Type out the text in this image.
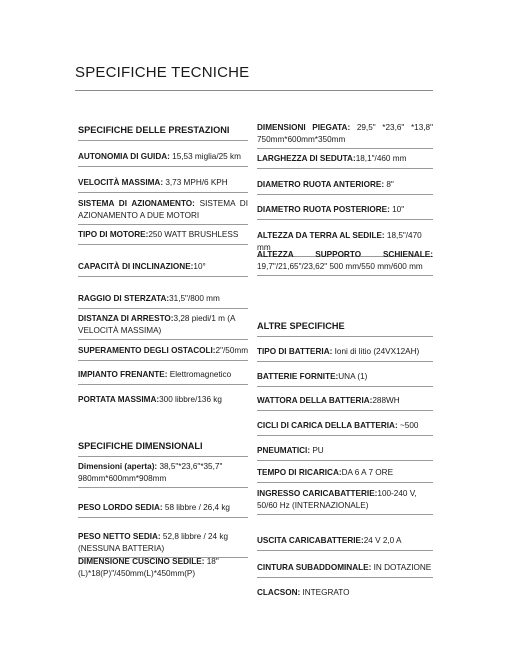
SPECIFICHE TECNICHE
SPECIFICHE DELLE PRESTAZIONI
AUTONOMIA DI GUIDA: 15,53 miglia/25 km
VELOCITÀ MASSIMA: 3,73 MPH/6 KPH
SISTEMA DI AZIONAMENTO: SISTEMA DI AZIONAMENTO A DUE MOTORI
TIPO DI MOTORE:250 WATT BRUSHLESS
CAPACITÀ DI INCLINAZIONE:10°
RAGGIO DI STERZATA:31,5"/800 mm
DISTANZA DI ARRESTO:3,28 piedi/1 m (A VELOCITÀ MASSIMA)
SUPERAMENTO DEGLI OSTACOLI:2"/50mm
IMPIANTO FRENANTE: Elettromagnetico
PORTATA MASSIMA:300 libbre/136 kg
SPECIFICHE DIMENSIONALI
Dimensioni (aperta): 38,5"*23,6"*35,7" 980mm*600mm*908mm
PESO LORDO SEDIA: 58 libbre / 26,4 kg
PESO NETTO SEDIA: 52,8 libbre / 24 kg (NESSUNA BATTERIA)
DIMENSIONE CUSCINO SEDILE: 18" (L)*18(P)"/450mm(L)*450mm(P)
DIMENSIONI PIEGATA: 29,5" *23,6" *13,8" 750mm*600mm*350mm
LARGHEZZA DI SEDUTA:18,1"/460 mm
DIAMETRO RUOTA ANTERIORE: 8"
DIAMETRO RUOTA POSTERIORE: 10"
ALTEZZA DA TERRA AL SEDILE: 18,5"/470 mm
ALTEZZA SUPPORTO SCHIENALE: 19,7"/21,65"/23,62" 500 mm/550 mm/600 mm
ALTRE SPECIFICHE
TIPO DI BATTERIA: Ioni di litio (24VX12AH)
BATTERIE FORNITE:UNA (1)
WATTORA DELLA BATTERIA:288WH
CICLI DI CARICA DELLA BATTERIA: ~500
PNEUMATICI: PU
TEMPO DI RICARICA:DA 6 A 7 ORE
INGRESSO CARICABATTERIE:100-240 V, 50/60 Hz (INTERNAZIONALE)
USCITA CARICABATTERIE:24 V 2,0 A
CINTURA SUBADDOMINALE: IN DOTAZIONE
CLACSON: INTEGRATO
